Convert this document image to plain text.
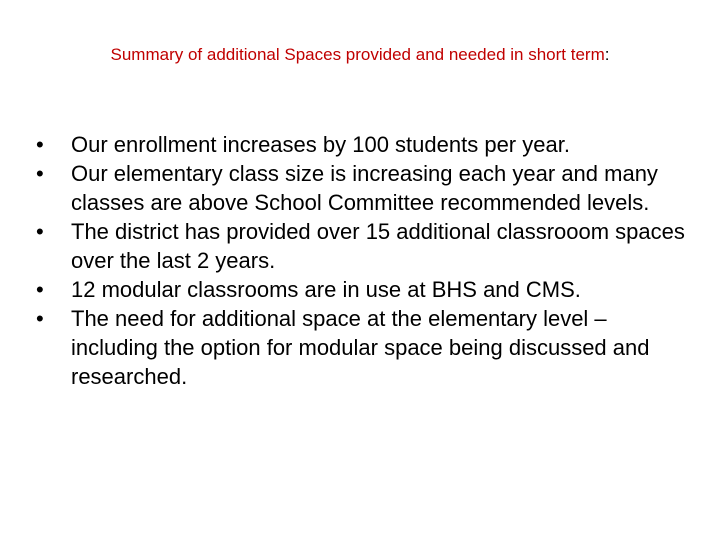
Summary of additional Spaces provided and needed in short term:
•	Our enrollment increases by 100 students per year.
•	Our elementary class size is increasing each year and many classes are above School Committee recommended levels.
•	The district has provided over 15 additional classrooom spaces over the last 2 years.
•	12 modular classrooms are in use at BHS and CMS.
•	The need for additional space at the elementary level – including the option for modular space being discussed and researched.
